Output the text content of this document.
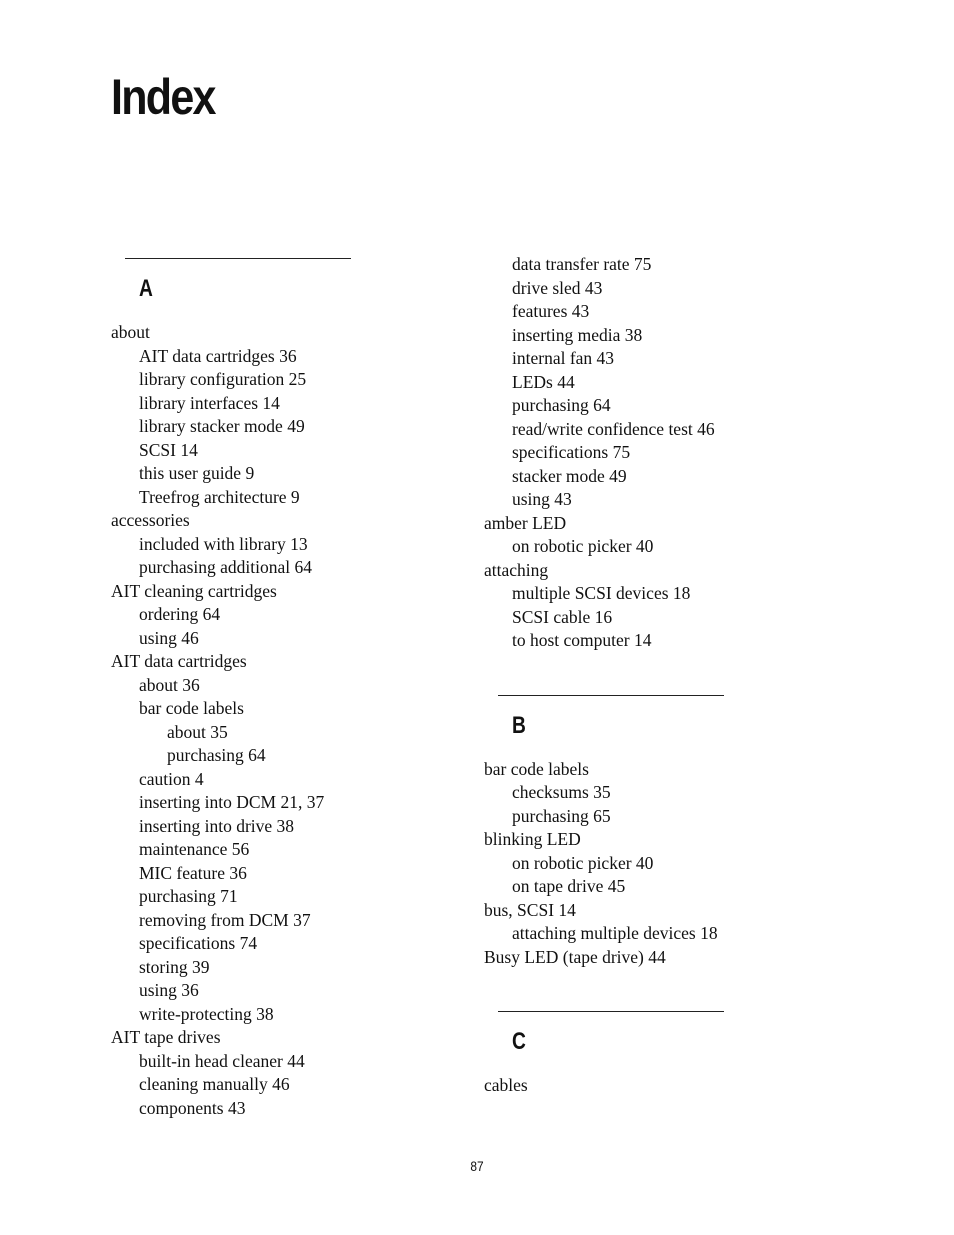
Index
A
about
AIT data cartridges 36
library configuration 25
library interfaces 14
library stacker mode 49
SCSI 14
this user guide 9
Treefrog architecture 9
accessories
included with library 13
purchasing additional 64
AIT cleaning cartridges
ordering 64
using 46
AIT data cartridges
about 36
bar code labels
about 35
purchasing 64
caution 4
inserting into DCM 21, 37
inserting into drive 38
maintenance 56
MIC feature 36
purchasing 71
removing from DCM 37
specifications 74
storing 39
using 36
write-protecting 38
AIT tape drives
built-in head cleaner 44
cleaning manually 46
components 43
data transfer rate 75
drive sled 43
features 43
inserting media 38
internal fan 43
LEDs 44
purchasing 64
read/write confidence test 46
specifications 75
stacker mode 49
using 43
amber LED
on robotic picker 40
attaching
multiple SCSI devices 18
SCSI cable 16
to host computer 14
B
bar code labels
checksums 35
purchasing 65
blinking LED
on robotic picker 40
on tape drive 45
bus, SCSI 14
attaching multiple devices 18
Busy LED (tape drive) 44
C
cables
87
